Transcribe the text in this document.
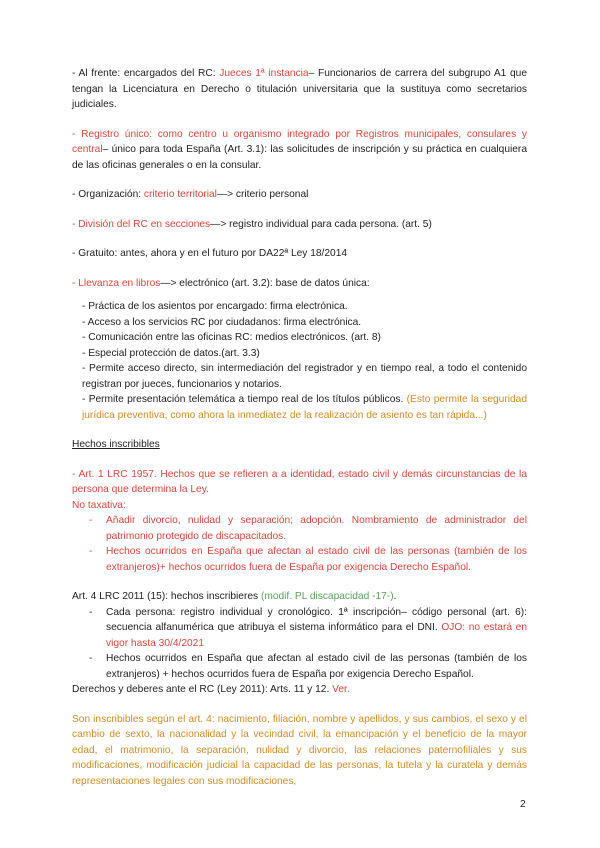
- Al frente: encargados del RC: Jueces 1ª instancia– Funcionarios de carrera del subgrupo A1 que tengan la Licenciatura en Derecho o titulación universitaria que la sustituya como secretarios judiciales.

- Registro único: como centro u organismo integrado por Registros municipales, consulares y central– único para toda España (Art. 3.1): las solicitudes de inscripción y su práctica en cualquiera de las oficinas generales o en la consular.

- Organización: criterio territorial—> criterio personal

- División del RC en secciones—> registro individual para cada persona. (art. 5)

- Gratuito: antes, ahora y en el futuro por DA22ª Ley 18/2014

- Llevanza en libros—> electrónico (art. 3.2): base de datos única:

- Práctica de los asientos por encargado: firma electrónica.

- Acceso a los servicios RC por ciudadanos: firma electrónica.

- Comunicación entre las oficinas RC: medios electrónicos. (art. 8)

- Especial protección de datos.(art. 3.3)

- Permite acceso directo, sin intermediación del registrador y en tiempo real, a todo el contenido registran por jueces, funcionarios y notarios.

- Permite presentación telemática a tiempo real de los títulos públicos. (Esto permite la seguridad jurídica preventiva, como ahora la inmediatez de la realización de asiento es tan rápida...)

Hechos inscribibles

- Art. 1 LRC 1957. Hechos que se refieren a a identidad, estado civil y demás circunstancias de la persona que determina la Ley.

No taxativa:

- Añadir divorcio, nulidad y separación; adopción. Nombramiento de administrador del patrimonio protegido de discapacitados.
- Hechos ocurridos en España que afectan al estado civil de las personas (también de los extranjeros)+ hechos ocurridos fuera de España por exigencia Derecho Español.

Art. 4 LRC 2011 (15): hechos inscribieres (modif. PL discapacidad -17-).

- Cada persona: registro individual y cronológico. 1ª inscripción– código personal (art. 6): secuencia alfanumérica que atribuya el sistema informático para el DNI. OJO: no estará en vigor hasta 30/4/2021
- Hechos ocurridos en España que afectan al estado civil de las personas (también de los extranjeros) + hechos ocurridos fuera de España por exigencia Derecho Español.

Derechos y deberes ante el RC (Ley 2011): Arts. 11 y 12. Ver.

Son inscribibles según el art. 4: nacimiento, filiación, nombre y apellidos, y sus cambios, el sexo y el cambio de sexto, la nacionalidad y la vecindad civil, la emancipación y el beneficio de la mayor edad, el matrimonio, la separación, nulidad y divorcio, las relaciones paternofiliales y sus modificaciones, modificación judicial la capacidad de las personas, la tutela y la curatela y demás representaciones legales con sus modificaciones,

2
